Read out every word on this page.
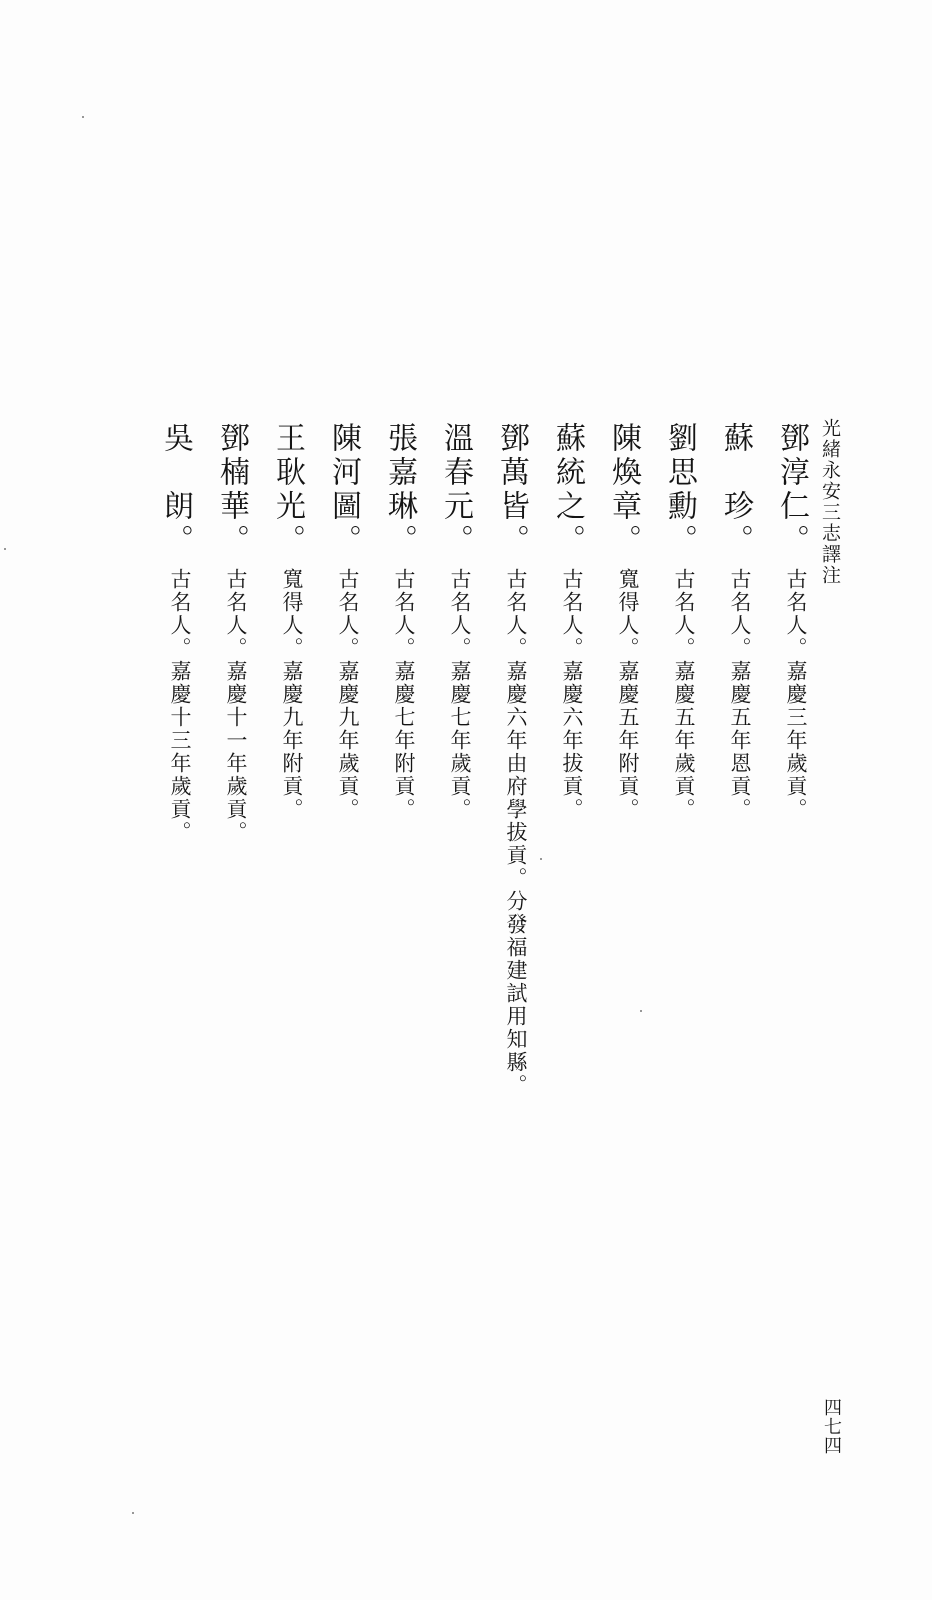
光緒永安三志譯注
鄧淳仁。
古名人。嘉慶三年歲貢。
蘇　珍。
古名人。嘉慶五年恩貢。
劉思勳。
古名人。嘉慶五年歲貢。
陳煥章。
寬得人。嘉慶五年附貢。
蘇統之。
古名人。嘉慶六年拔貢。
鄧萬皆。
古名人。嘉慶六年由府學拔貢。分發福建試用知縣。
溫春元。
古名人。嘉慶七年歲貢。
張嘉琳。
古名人。嘉慶七年附貢。
陳河圖。
古名人。嘉慶九年歲貢。
王耿光。
寬得人。嘉慶九年附貢。
鄧楠華。
古名人。嘉慶十一年歲貢。
吳　朗。
古名人。嘉慶十三年歲貢。
四七四
